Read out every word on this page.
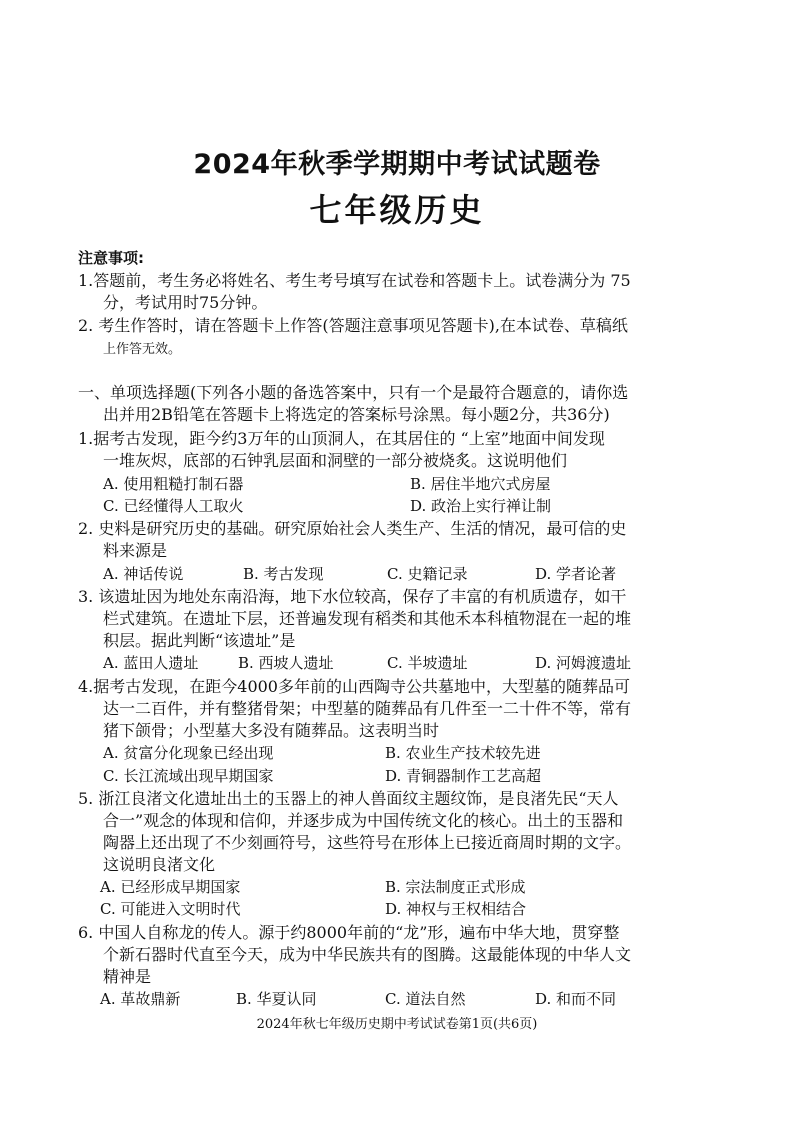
2024年秋季学期期中考试试题卷
七年级历史
注意事项:
1.答题前，考生务必将姓名、考生考号填写在试卷和答题卡上。试卷满分为 75
分，考试用时75分钟。
2. 考生作答时，请在答题卡上作答(答题注意事项见答题卡),在本试卷、草稿纸
上作答无效。
一、单项选择题(下列各小题的备选答案中，只有一个是最符合题意的，请你选
出并用2B铅笔在答题卡上将选定的答案标号涂黑。每小题2分，共36分)
1.据考古发现，距今约3万年的山顶洞人，在其居住的 “上室”地面中间发现
一堆灰烬，底部的石钟乳层面和洞壁的一部分被烧炙。这说明他们
A. 使用粗糙打制石器	B. 居住半地穴式房屋
C. 已经懂得人工取火	D. 政治上实行禅让制
2. 史料是研究历史的基础。研究原始社会人类生产、生活的情况，最可信的史
料来源是
A. 神话传说	B. 考古发现	C. 史籍记录	D. 学者论著
3. 该遗址因为地处东南沿海，地下水位较高，保存了丰富的有机质遗存，如干
栏式建筑。在遗址下层，还普遍发现有稻类和其他禾本科植物混在一起的堆
积层。据此判断“该遗址”是
A. 蓝田人遗址	B. 西坡人遗址	C. 半坡遗址	D. 河姆渡遗址
4.据考古发现，在距今4000多年前的山西陶寺公共墓地中，大型墓的随葬品可
达一二百件，并有整猪骨架；中型墓的随葬品有几件至一二十件不等，常有
猪下颌骨；小型墓大多没有随葬品。这表明当时
A. 贫富分化现象已经出现	B. 农业生产技术较先进
C. 长江流域出现早期国家	D. 青铜器制作工艺高超
5. 浙江良渚文化遗址出土的玉器上的神人兽面纹主题纹饰，是良渚先民“天人
合一”观念的体现和信仰，并逐步成为中国传统文化的核心。出土的玉器和
陶器上还出现了不少刻画符号，这些符号在形体上已接近商周时期的文字。
这说明良渚文化
A. 已经形成早期国家	B. 宗法制度正式形成
C. 可能进入文明时代	D. 神权与王权相结合
6. 中国人自称龙的传人。源于约8000年前的“龙”形，遍布中华大地，贯穿整
个新石器时代直至今天，成为中华民族共有的图腾。这最能体现的中华人文
精神是
A. 革故鼎新	B. 华夏认同	C. 道法自然	D. 和而不同
2024年秋七年级历史期中考试试卷第1页(共6页)
